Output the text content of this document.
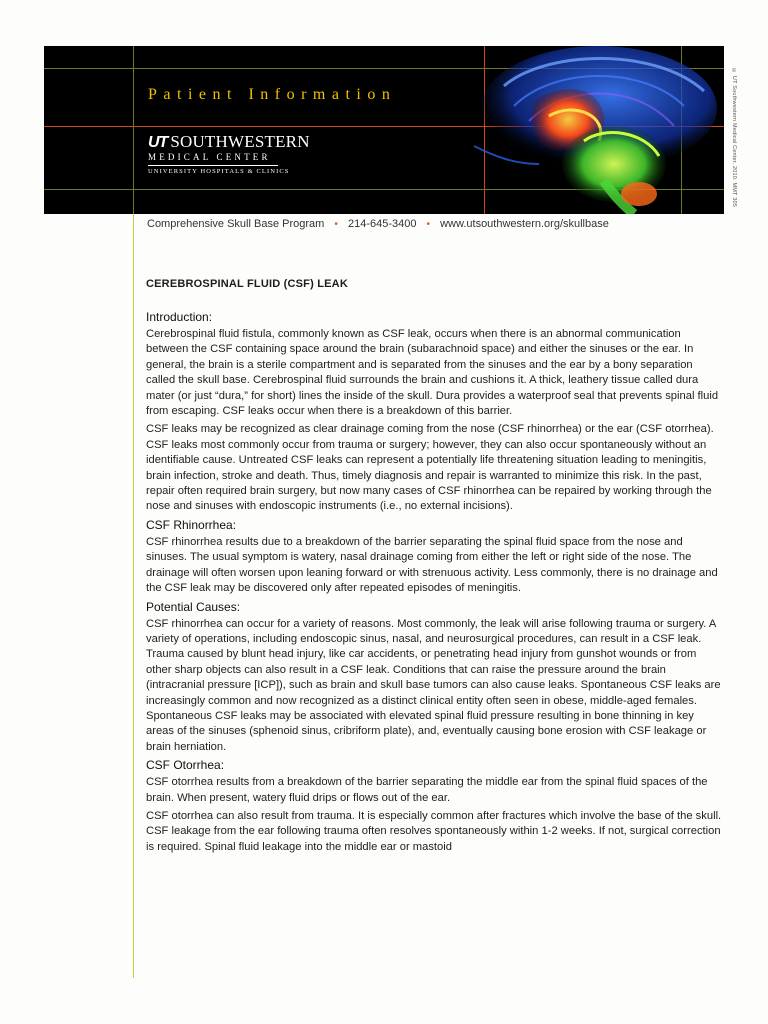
Patient Information
UT SOUTHWESTERN
MEDICAL CENTER
UNIVERSITY HOSPITALS & CLINICS	© UT Southwestern Medical Center. 2010. MMT 305
Comprehensive Skull Base Program • 214-645-3400 • www.utsouthwestern.org/skullbase
CEREBROSPINAL FLUID (CSF) LEAK
Introduction:

Cerebrospinal fluid fistula, commonly known as CSF leak, occurs when there is an abnormal communication between the CSF containing space around the brain (subarachnoid space) and either the sinuses or the ear. In general, the brain is a sterile compartment and is separated from the sinuses and the ear by a bony separation called the skull base. Cerebrospinal fluid surrounds the brain and cushions it. A thick, leathery tissue called dura mater (or just “dura,” for short) lines the inside of the skull. Dura provides a waterproof seal that prevents spinal fluid from escaping. CSF leaks occur when there is a breakdown of this barrier.

CSF leaks may be recognized as clear drainage coming from the nose (CSF rhinorrhea) or the ear (CSF otorrhea). CSF leaks most commonly occur from trauma or surgery; however, they can also occur spontaneously without an identifiable cause. Untreated CSF leaks can represent a potentially life threatening situation leading to meningitis, brain infection, stroke and death. Thus, timely diagnosis and repair is warranted to minimize this risk. In the past, repair often required brain surgery, but now many cases of CSF rhinorrhea can be repaired by working through the nose and sinuses with endoscopic instruments (i.e., no external incisions).

CSF Rhinorrhea:

CSF rhinorrhea results due to a breakdown of the barrier separating the spinal fluid space from the nose and sinuses. The usual symptom is watery, nasal drainage coming from either the left or right side of the nose. The drainage will often worsen upon leaning forward or with strenuous activity. Less commonly, there is no drainage and the CSF leak may be discovered only after repeated episodes of meningitis.

Potential Causes:

CSF rhinorrhea can occur for a variety of reasons. Most commonly, the leak will arise following trauma or surgery. A variety of operations, including endoscopic sinus, nasal, and neurosurgical procedures, can result in a CSF leak. Trauma caused by blunt head injury, like car accidents, or penetrating head injury from gunshot wounds or from other sharp objects can also result in a CSF leak. Conditions that can raise the pressure around the brain (intracranial pressure [ICP]), such as brain and skull base tumors can also cause leaks. Spontaneous CSF leaks are increasingly common and now recognized as a distinct clinical entity often seen in obese, middle-aged females. Spontaneous CSF leaks may be associated with elevated spinal fluid pressure resulting in bone thinning in key areas of the sinuses (sphenoid sinus, cribriform plate), and, eventually causing bone erosion with CSF leakage or brain herniation.

CSF Otorrhea:

CSF otorrhea results from a breakdown of the barrier separating the middle ear from the spinal fluid spaces of the brain. When present, watery fluid drips or flows out of the ear.

CSF otorrhea can also result from trauma. It is especially common after fractures which involve the base of the skull. CSF leakage from the ear following trauma often resolves spontaneously within 1-2 weeks. If not, surgical correction is required. Spinal fluid leakage into the middle ear or mastoid
